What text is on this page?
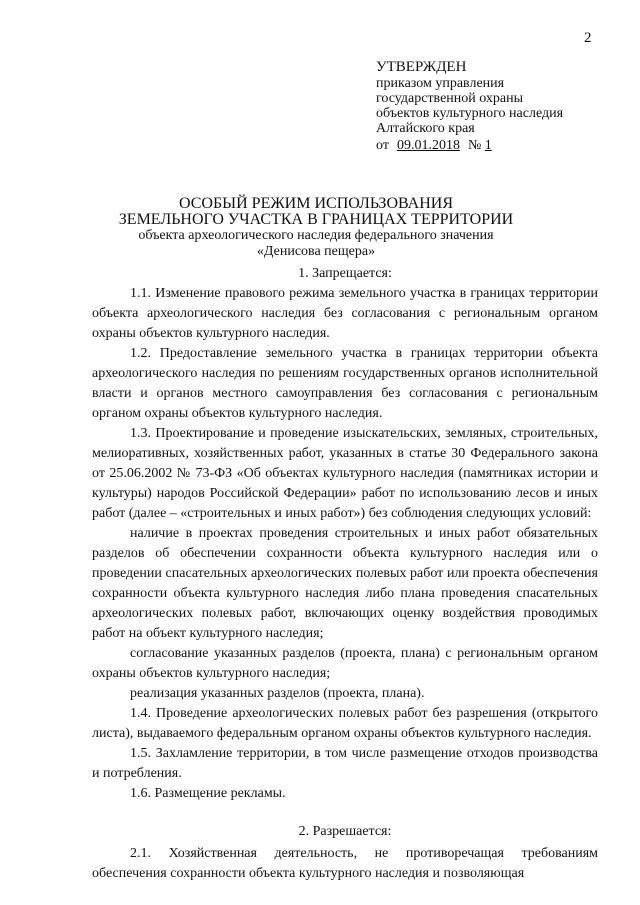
2
УТВЕРЖДЕН
приказом управления
государственной охраны
объектов культурного наследия
Алтайского края
от 09.01.2018 № 1
ОСОБЫЙ РЕЖИМ ИСПОЛЬЗОВАНИЯ
ЗЕМЕЛЬНОГО УЧАСТКА В ГРАНИЦАХ ТЕРРИТОРИИ
объекта археологического наследия федерального значения
«Денисова пещера»

1. Запрещается:

1.1. Изменение правового режима земельного участка в границах территории объекта археологического наследия без согласования с региональным органом охраны объектов культурного наследия.

1.2. Предоставление земельного участка в границах территории объекта археологического наследия по решениям государственных органов исполнительной власти и органов местного самоуправления без согласования с региональным органом охраны объектов культурного наследия.

1.3. Проектирование и проведение изыскательских, земляных, строительных, мелиоративных, хозяйственных работ, указанных в статье 30 Федерального закона от 25.06.2002 № 73-ФЗ «Об объектах культурного наследия (памятниках истории и культуры) народов Российской Федерации» работ по использованию лесов и иных работ (далее – «строительных и иных работ») без соблюдения следующих условий:

наличие в проектах проведения строительных и иных работ обязательных разделов об обеспечении сохранности объекта культурного наследия или о проведении спасательных археологических полевых работ или проекта обеспечения сохранности объекта культурного наследия либо плана проведения спасательных археологических полевых работ, включающих оценку воздействия проводимых работ на объект культурного наследия;

согласование указанных разделов (проекта, плана) с региональным органом охраны объектов культурного наследия;

реализация указанных разделов (проекта, плана).

1.4. Проведение археологических полевых работ без разрешения (открытого листа), выдаваемого федеральным органом охраны объектов культурного наследия.

1.5. Захламление территории, в том числе размещение отходов производства и потребления.

1.6. Размещение рекламы.

2. Разрешается:

2.1. Хозяйственная деятельность, не противоречащая требованиям обеспечения сохранности объекта культурного наследия и позволяющая
